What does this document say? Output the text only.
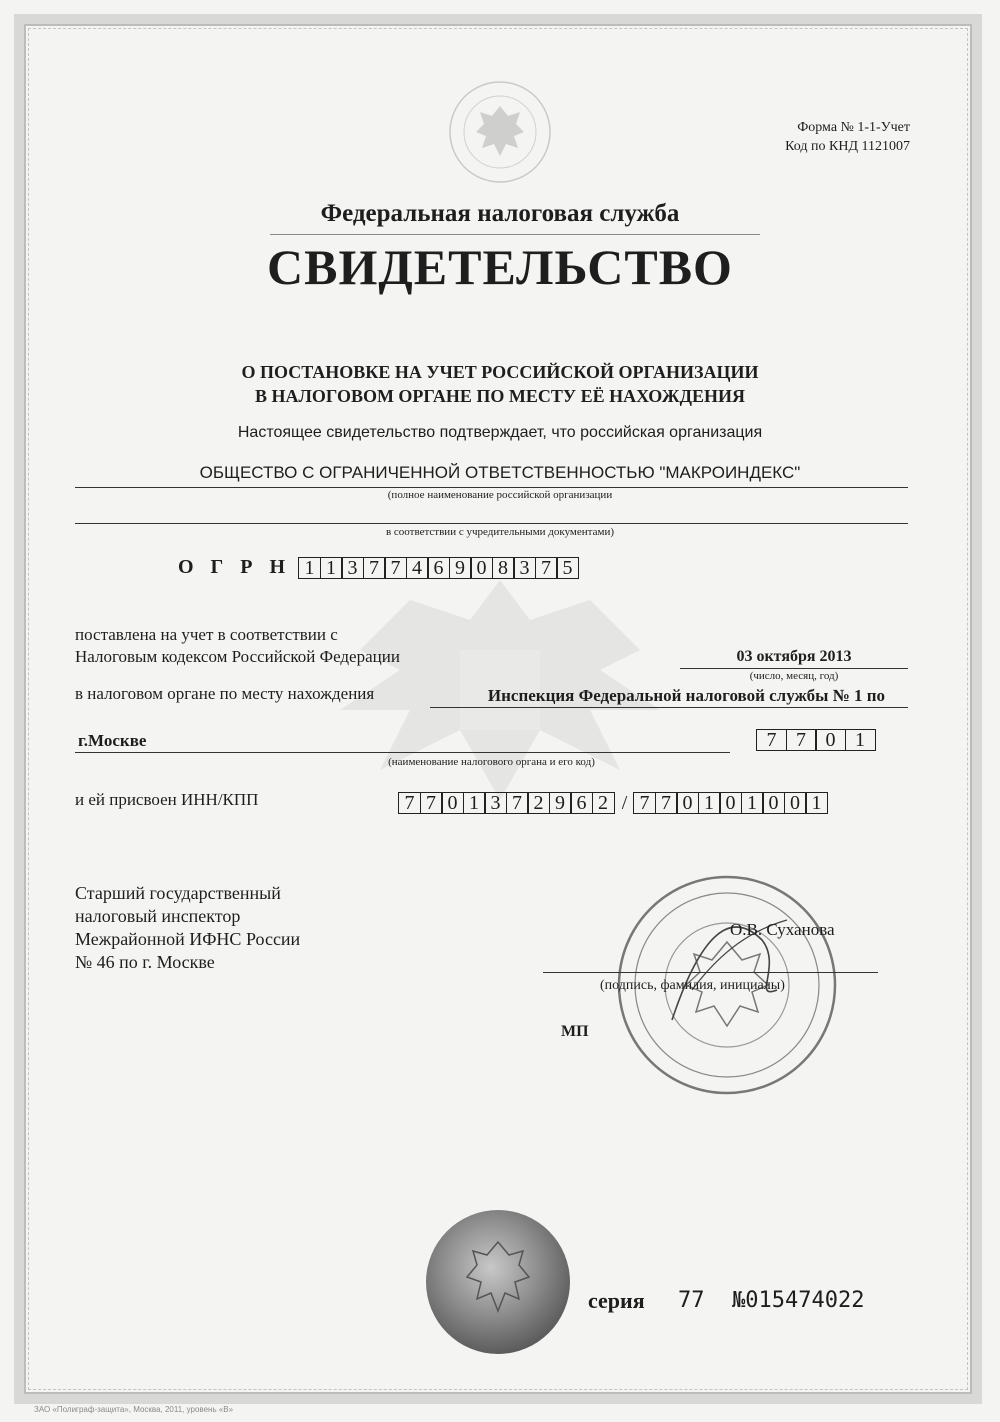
Форма № 1-1-Учет
Код по КНД 1121007
Федеральная налоговая служба
СВИДЕТЕЛЬСТВО
О ПОСТАНОВКЕ НА УЧЕТ РОССИЙСКОЙ ОРГАНИЗАЦИИ
В НАЛОГОВОМ ОРГАНЕ ПО МЕСТУ ЕЁ НАХОЖДЕНИЯ
Настоящее свидетельство подтверждает, что российская организация
ОБЩЕСТВО С ОГРАНИЧЕННОЙ ОТВЕТСТВЕННОСТЬЮ "МАКРОИНДЕКС"
(полное наименование российской организации
в соответствии с учредительными документами)
О Г Р Н 1 1 3 7 7 4 6 9 0 8 3 7 5
поставлена на учет в соответствии с
Налоговым кодексом Российской Федерации	03 октября 2013
(число, месяц, год)
в налоговом органе по месту нахождения	Инспекция Федеральной налоговой службы № 1 по
г.Москве	7 7 0 1
(наименование налогового органа и его код)
и ей присвоен ИНН/КПП	7 7 0 1 3 7 2 9 6 2 / 7 7 0 1 0 1 0 0 1
Старший государственный
налоговый инспектор
Межрайонной ИФНС России
№ 46 по г. Москве
О.В. Суханова
(подпись, фамилия, инициалы)
МП
серия 77 №015474022
ЗАО «Полиграф-защита», Москва, 2011, уровень «В»
